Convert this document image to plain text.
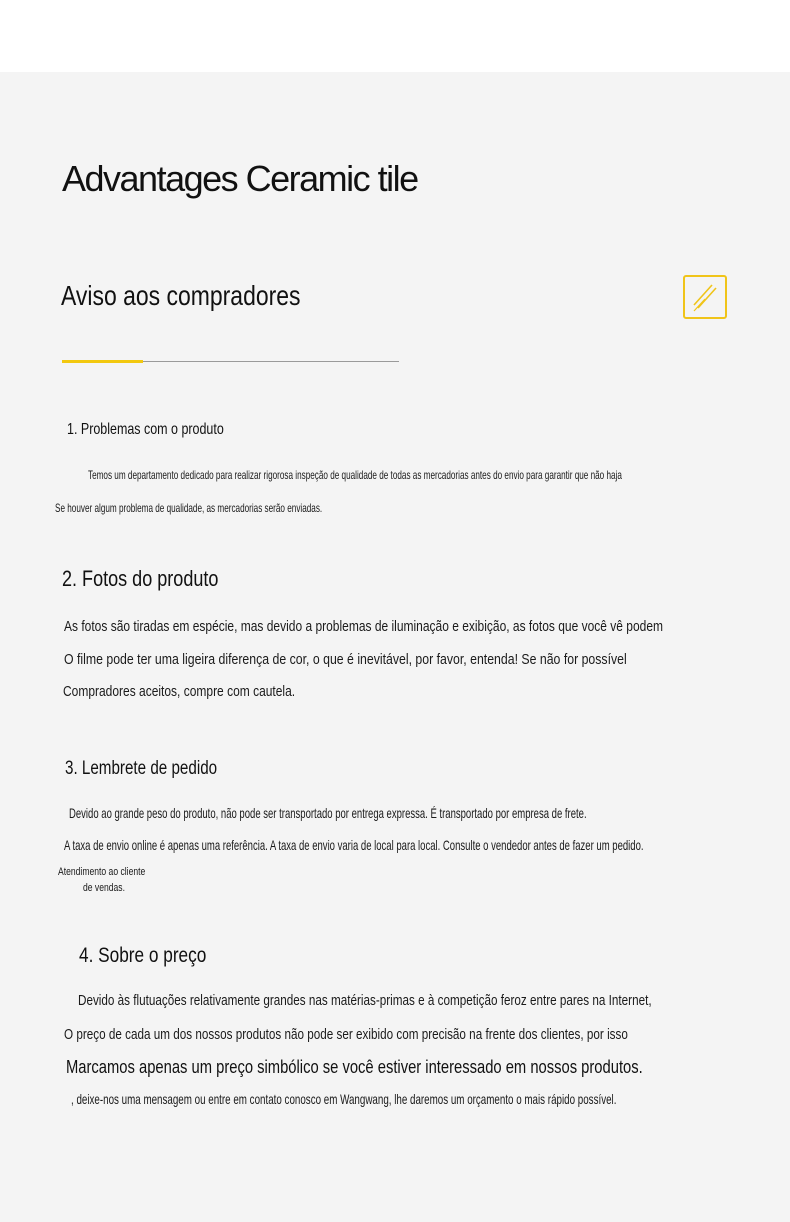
Advantages Ceramic tile
Aviso aos compradores
1. Problemas com o produto
Temos um departamento dedicado para realizar rigorosa inspeção de qualidade de todas as mercadorias antes do envio para garantir que não haja
Se houver algum problema de qualidade, as mercadorias serão enviadas.
2. Fotos do produto
As fotos são tiradas em espécie, mas devido a problemas de iluminação e exibição, as fotos que você vê podem
O filme pode ter uma ligeira diferença de cor, o que é inevitável, por favor, entenda! Se não for possível
Compradores aceitos, compre com cautela.
3. Lembrete de pedido
Devido ao grande peso do produto, não pode ser transportado por entrega expressa. É transportado por empresa de frete.
A taxa de envio online é apenas uma referência. A taxa de envio varia de local para local. Consulte o vendedor antes de fazer um pedido.
Atendimento ao cliente
de vendas.
4. Sobre o preço
Devido às flutuações relativamente grandes nas matérias-primas e à competição feroz entre pares na Internet,
O preço de cada um dos nossos produtos não pode ser exibido com precisão na frente dos clientes, por isso
Marcamos apenas um preço simbólico se você estiver interessado em nossos produtos.
, deixe-nos uma mensagem ou entre em contato conosco em Wangwang, lhe daremos um orçamento o mais rápido possível.
